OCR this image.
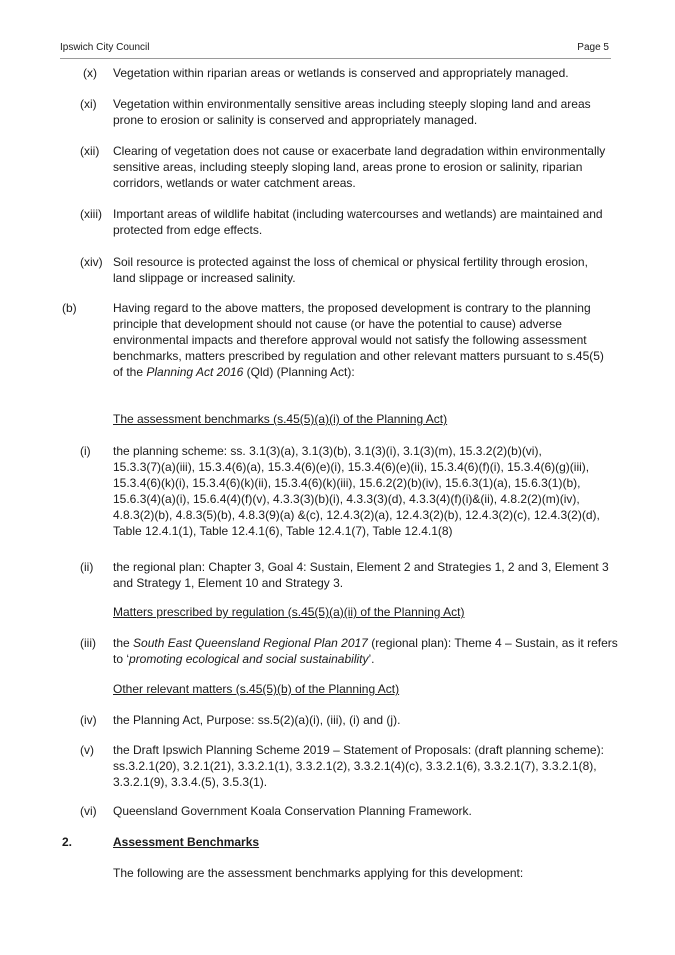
Ipswich City Council	Page 5
(x) Vegetation within riparian areas or wetlands is conserved and appropriately managed.
(xi) Vegetation within environmentally sensitive areas including steeply sloping land and areas
prone to erosion or salinity is conserved and appropriately managed.
(xii) Clearing of vegetation does not cause or exacerbate land degradation within environmentally
sensitive areas, including steeply sloping land, areas prone to erosion or salinity, riparian
corridors, wetlands or water catchment areas.
(xiii) Important areas of wildlife habitat (including watercourses and wetlands) are maintained and
protected from edge effects.
(xiv) Soil resource is protected against the loss of chemical or physical fertility through erosion,
land slippage or increased salinity.
(b)	Having regard to the above matters, the proposed development is contrary to the planning
principle that development should not cause (or have the potential to cause) adverse
environmental impacts and therefore approval would not satisfy the following assessment
benchmarks, matters prescribed by regulation and other relevant matters pursuant to s.45(5)
of the Planning Act 2016 (Qld) (Planning Act):
The assessment benchmarks (s.45(5)(a)(i) of the Planning Act)
(i) the planning scheme: ss. 3.1(3)(a), 3.1(3)(b), 3.1(3)(i), 3.1(3)(m), 15.3.2(2)(b)(vi),
15.3.3(7)(a)(iii), 15.3.4(6)(a), 15.3.4(6)(e)(i), 15.3.4(6)(e)(ii), 15.3.4(6)(f)(i), 15.3.4(6)(g)(iii),
15.3.4(6)(k)(i), 15.3.4(6)(k)(ii), 15.3.4(6)(k)(iii), 15.6.2(2)(b)(iv), 15.6.3(1)(a), 15.6.3(1)(b),
15.6.3(4)(a)(i), 15.6.4(4)(f)(v), 4.3.3(3)(b)(i), 4.3.3(3)(d), 4.3.3(4)(f)(i)&(ii), 4.8.2(2)(m)(iv),
4.8.3(2)(b), 4.8.3(5)(b), 4.8.3(9)(a) &(c), 12.4.3(2)(a), 12.4.3(2)(b), 12.4.3(2)(c), 12.4.3(2)(d),
Table 12.4.1(1), Table 12.4.1(6), Table 12.4.1(7), Table 12.4.1(8)
(ii) the regional plan: Chapter 3, Goal 4: Sustain, Element 2 and Strategies 1, 2 and 3, Element 3
and Strategy 1, Element 10 and Strategy 3.
Matters prescribed by regulation (s.45(5)(a)(ii) of the Planning Act)
(iii) the South East Queensland Regional Plan 2017 (regional plan): Theme 4 – Sustain, as it refers
to ‘promoting ecological and social sustainability’.
Other relevant matters (s.45(5)(b) of the Planning Act)
(iv) the Planning Act, Purpose: ss.5(2)(a)(i), (iii), (i) and (j).
(v) the Draft Ipswich Planning Scheme 2019 – Statement of Proposals: (draft planning scheme):
ss.3.2.1(20), 3.2.1(21), 3.3.2.1(1), 3.3.2.1(2), 3.3.2.1(4)(c), 3.3.2.1(6), 3.3.2.1(7), 3.3.2.1(8),
3.3.2.1(9), 3.3.4.(5), 3.5.3(1).
(vi) Queensland Government Koala Conservation Planning Framework.
2.	Assessment Benchmarks
The following are the assessment benchmarks applying for this development:
